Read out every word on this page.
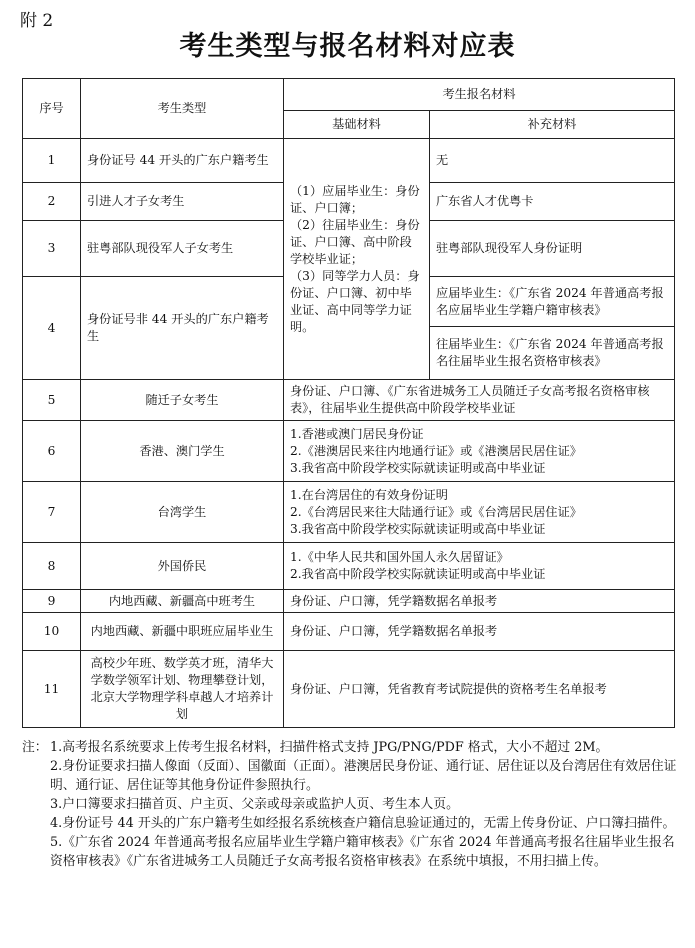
附 2
考生类型与报名材料对应表
序号	考生类型	考生报名材料	
		基础材料	补充材料
1	身份证号 44 开头的广东户籍考生	（1）应届毕业生：身份证、户口簿；

（2）往届毕业生：身份证、户口簿、高中阶段学校毕业证；

（3）同等学力人员：身份证、户口簿、初中毕业证、高中同等学力证明。	无
2	引进人才子女考生		广东省人才优粤卡
3	驻粤部队现役军人子女考生		驻粤部队现役军人身份证明
4	身份证号非 44 开头的广东户籍考生		应届毕业生：《广东省 2024 年普通高考报名应届毕业生学籍户籍审核表》
			往届毕业生：《广东省 2024 年普通高考报名往届毕业生报名资格审核表》
5	随迁子女考生	身份证、户口簿、《广东省进城务工人员随迁子女高考报名资格审核表》，往届毕业生提供高中阶段学校毕业证	
6	香港、澳门学生	1.香港或澳门居民身份证

2.《港澳居民来往内地通行证》或《港澳居民居住证》

3.我省高中阶段学校实际就读证明或高中毕业证	

7	台湾学生	1.在台湾居住的有效身份证明

2.《台湾居民来往大陆通行证》或《台湾居民居住证》

3.我省高中阶段学校实际就读证明或高中毕业证	

8	外国侨民	1.《中华人民共和国外国人永久居留证》

2.我省高中阶段学校实际就读证明或高中毕业证	

9	内地西藏、新疆高中班考生	身份证、户口簿，凭学籍数据名单报考	
10	内地西藏、新疆中职班应届毕业生	身份证、户口簿，凭学籍数据名单报考	
11	高校少年班、数学英才班，清华大学数学领军计划、物理攀登计划，北京大学物理学科卓越人才培养计划	身份证、户口簿，凭省教育考试院提供的资格考生名单报考	
注： 1.高考报名系统要求上传考生报名材料，扫描件格式支持 JPG/PNG/PDF 格式，大小不超过 2M。
2.身份证要求扫描人像面（反面）、国徽面（正面）。港澳居民身份证、通行证、居住证以及台湾居住有效居住证明、通行证、居住证等其他身份证件参照执行。
3.户口簿要求扫描首页、户主页、父亲或母亲或监护人页、考生本人页。
4.身份证号 44 开头的广东户籍考生如经报名系统核查户籍信息验证通过的，无需上传身份证、户口簿扫描件。
5.《广东省 2024 年普通高考报名应届毕业生学籍户籍审核表》《广东省 2024 年普通高考报名往届毕业生报名资格审核表》《广东省进城务工人员随迁子女高考报名资格审核表》在系统中填报，不用扫描上传。
